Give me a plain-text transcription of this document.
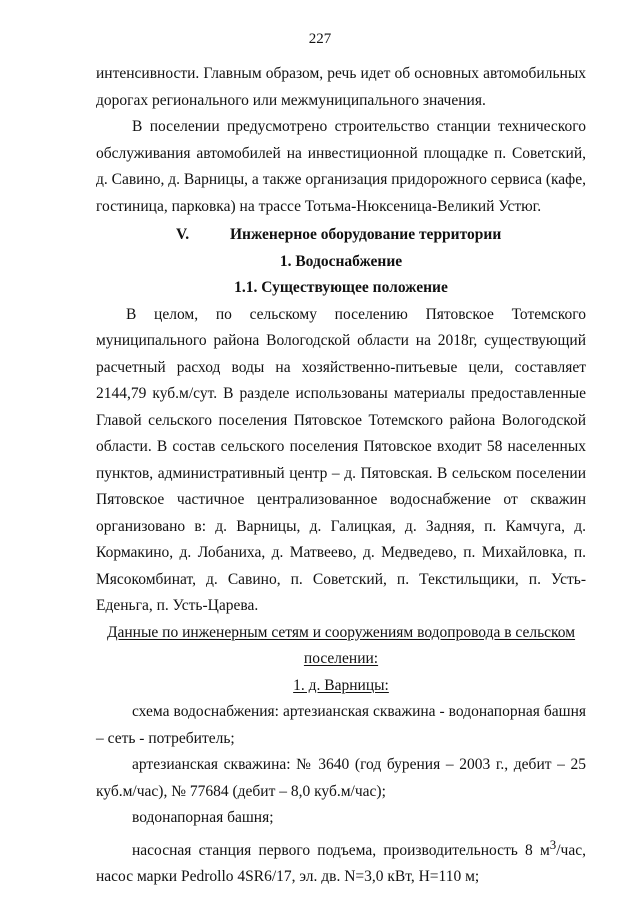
227

интенсивности. Главным образом, речь идет об основных автомобильных дорогах регионального или межмуниципального значения.

В поселении предусмотрено строительство станции технического обслуживания автомобилей на инвестиционной площадке п. Советский, д. Савино, д. Варницы, а также организация придорожного сервиса (кафе, гостиница, парковка) на трассе Тотьма-Нюксеница-Великий Устюг.

V.	Инженерное оборудование территории

1. Водоснабжение

1.1. Существующее положение

В целом, по сельскому поселению Пятовское Тотемского муниципального района Вологодской области на 2018г, существующий расчетный расход воды на хозяйственно-питьевые цели, составляет 2144,79 куб.м/сут. В разделе использованы материалы предоставленные Главой сельского поселения Пятовское Тотемского района Вологодской области. В состав сельского поселения Пятовское входит 58 населенных пунктов, административный центр – д. Пятовская. В сельском поселении Пятовское частичное централизованное водоснабжение от скважин организовано в: д. Варницы, д. Галицкая, д. Задняя, п. Камчуга, д. Кормакино, д. Лобаниха, д. Матвеево, д. Медведево, п. Михайловка, п. Мясокомбинат, д. Савино, п. Советский, п. Текстильщики, п. Усть-Еденьга, п. Усть-Царева.

Данные по инженерным сетям и сооружениям водопровода в сельском поселении:

1. д. Варницы:

схема водоснабжения: артезианская скважина - водонапорная башня – сеть - потребитель;

артезианская скважина: № 3640 (год бурения – 2003 г., дебит – 25 куб.м/час), № 77684 (дебит – 8,0 куб.м/час);

водонапорная башня;

насосная станция первого подъема, производительность 8 $м^3$/час, насос марки Pedrollo 4SR6/17, эл. дв. N=3,0 кВт, H=110 м;
